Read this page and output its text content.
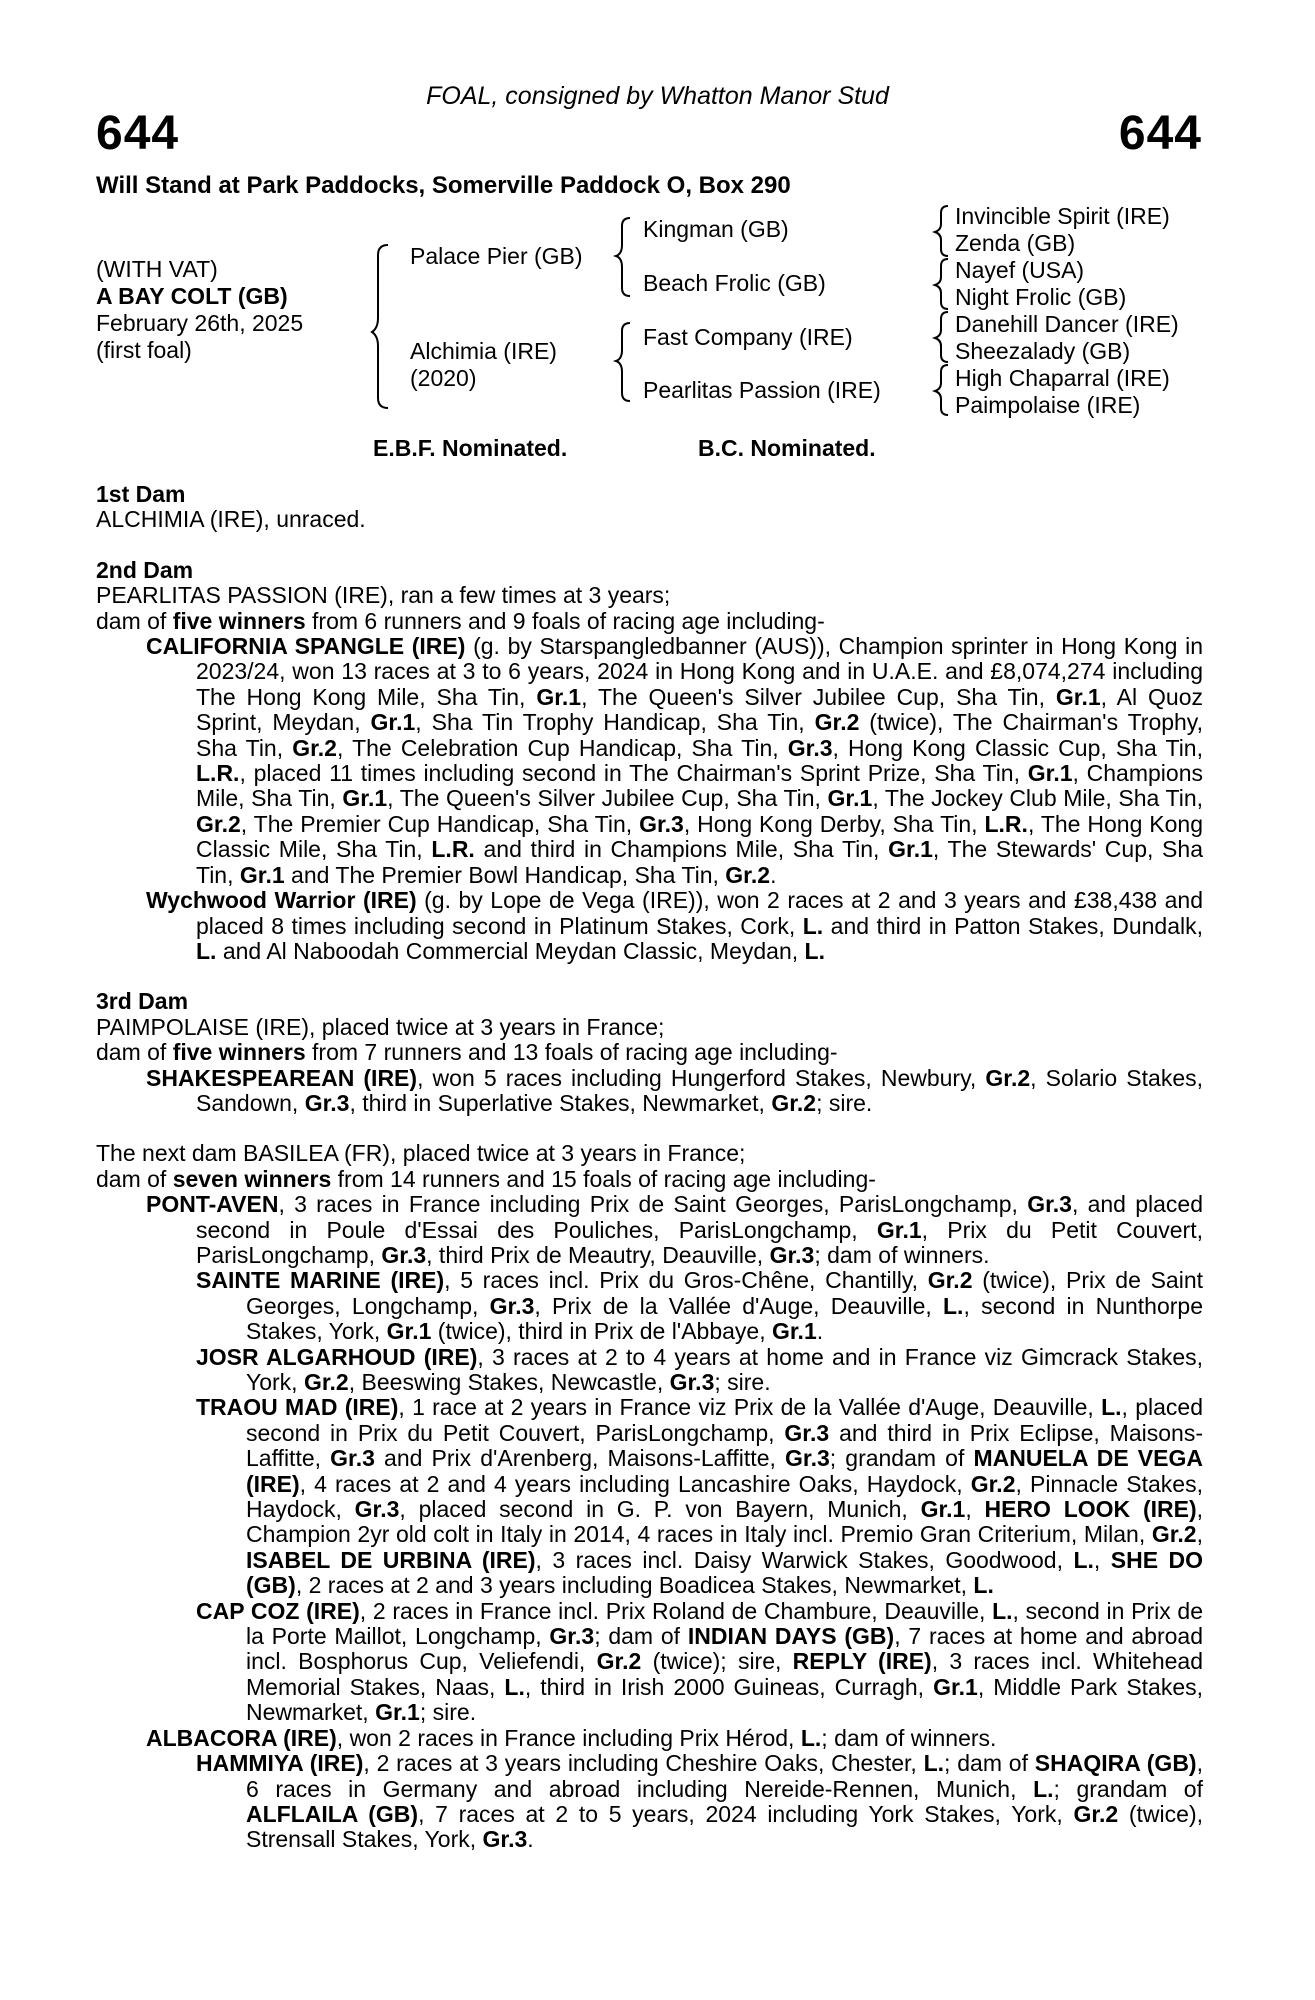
FOAL, consigned by Whatton Manor Stud
644	644
Will Stand at Park Paddocks, Somerville Paddock O, Box 290
(WITH VAT)
A BAY COLT (GB)
February 26th, 2025
(first foal)
Palace Pier (GB)
Alchimia (IRE)
(2020)
Kingman (GB)
Beach Frolic (GB)
Fast Company (IRE)
Pearlitas Passion (IRE)
Invincible Spirit (IRE)
Zenda (GB)
Nayef (USA)
Night Frolic (GB)
Danehill Dancer (IRE)
Sheezalady (GB)
High Chaparral (IRE)
Paimpolaise (IRE)
E.B.F. Nominated.	B.C. Nominated.
1st Dam
ALCHIMIA (IRE), unraced.
2nd Dam
PEARLITAS PASSION (IRE), ran a few times at 3 years;
dam of five winners from 6 runners and 9 foals of racing age including-
CALIFORNIA SPANGLE (IRE) (g. by Starspangledbanner (AUS)), Champion sprinter in Hong Kong in 2023/24, won 13 races at 3 to 6 years, 2024 in Hong Kong and in U.A.E. and £8,074,274 including The Hong Kong Mile, Sha Tin, Gr.1, The Queen's Silver Jubilee Cup, Sha Tin, Gr.1, Al Quoz Sprint, Meydan, Gr.1, Sha Tin Trophy Handicap, Sha Tin, Gr.2 (twice), The Chairman's Trophy, Sha Tin, Gr.2, The Celebration Cup Handicap, Sha Tin, Gr.3, Hong Kong Classic Cup, Sha Tin, L.R., placed 11 times including second in The Chairman's Sprint Prize, Sha Tin, Gr.1, Champions Mile, Sha Tin, Gr.1, The Queen's Silver Jubilee Cup, Sha Tin, Gr.1, The Jockey Club Mile, Sha Tin, Gr.2, The Premier Cup Handicap, Sha Tin, Gr.3, Hong Kong Derby, Sha Tin, L.R., The Hong Kong Classic Mile, Sha Tin, L.R. and third in Champions Mile, Sha Tin, Gr.1, The Stewards' Cup, Sha Tin, Gr.1 and The Premier Bowl Handicap, Sha Tin, Gr.2.
Wychwood Warrior (IRE) (g. by Lope de Vega (IRE)), won 2 races at 2 and 3 years and £38,438 and placed 8 times including second in Platinum Stakes, Cork, L. and third in Patton Stakes, Dundalk, L. and Al Naboodah Commercial Meydan Classic, Meydan, L.
3rd Dam
PAIMPOLAISE (IRE), placed twice at 3 years in France;
dam of five winners from 7 runners and 13 foals of racing age including-
SHAKESPEAREAN (IRE), won 5 races including Hungerford Stakes, Newbury, Gr.2, Solario Stakes, Sandown, Gr.3, third in Superlative Stakes, Newmarket, Gr.2; sire.
The next dam BASILEA (FR), placed twice at 3 years in France;
dam of seven winners from 14 runners and 15 foals of racing age including-
PONT-AVEN, 3 races in France including Prix de Saint Georges, ParisLongchamp, Gr.3, and placed second in Poule d'Essai des Pouliches, ParisLongchamp, Gr.1, Prix du Petit Couvert, ParisLongchamp, Gr.3, third Prix de Meautry, Deauville, Gr.3; dam of winners.
SAINTE MARINE (IRE), 5 races incl. Prix du Gros-Chêne, Chantilly, Gr.2 (twice), Prix de Saint Georges, Longchamp, Gr.3, Prix de la Vallée d'Auge, Deauville, L., second in Nunthorpe Stakes, York, Gr.1 (twice), third in Prix de l'Abbaye, Gr.1.
JOSR ALGARHOUD (IRE), 3 races at 2 to 4 years at home and in France viz Gimcrack Stakes, York, Gr.2, Beeswing Stakes, Newcastle, Gr.3; sire.
TRAOU MAD (IRE), 1 race at 2 years in France viz Prix de la Vallée d'Auge, Deauville, L., placed second in Prix du Petit Couvert, ParisLongchamp, Gr.3 and third in Prix Eclipse, Maisons-Laffitte, Gr.3 and Prix d'Arenberg, Maisons-Laffitte, Gr.3; grandam of MANUELA DE VEGA (IRE), 4 races at 2 and 4 years including Lancashire Oaks, Haydock, Gr.2, Pinnacle Stakes, Haydock, Gr.3, placed second in G. P. von Bayern, Munich, Gr.1, HERO LOOK (IRE), Champion 2yr old colt in Italy in 2014, 4 races in Italy incl. Premio Gran Criterium, Milan, Gr.2, ISABEL DE URBINA (IRE), 3 races incl. Daisy Warwick Stakes, Goodwood, L., SHE DO (GB), 2 races at 2 and 3 years including Boadicea Stakes, Newmarket, L.
CAP COZ (IRE), 2 races in France incl. Prix Roland de Chambure, Deauville, L., second in Prix de la Porte Maillot, Longchamp, Gr.3; dam of INDIAN DAYS (GB), 7 races at home and abroad incl. Bosphorus Cup, Veliefendi, Gr.2 (twice); sire, REPLY (IRE), 3 races incl. Whitehead Memorial Stakes, Naas, L., third in Irish 2000 Guineas, Curragh, Gr.1, Middle Park Stakes, Newmarket, Gr.1; sire.
ALBACORA (IRE), won 2 races in France including Prix Hérod, L.; dam of winners.
HAMMIYA (IRE), 2 races at 3 years including Cheshire Oaks, Chester, L.; dam of SHAQIRA (GB), 6 races in Germany and abroad including Nereide-Rennen, Munich, L.; grandam of ALFLAILA (GB), 7 races at 2 to 5 years, 2024 including York Stakes, York, Gr.2 (twice), Strensall Stakes, York, Gr.3.
